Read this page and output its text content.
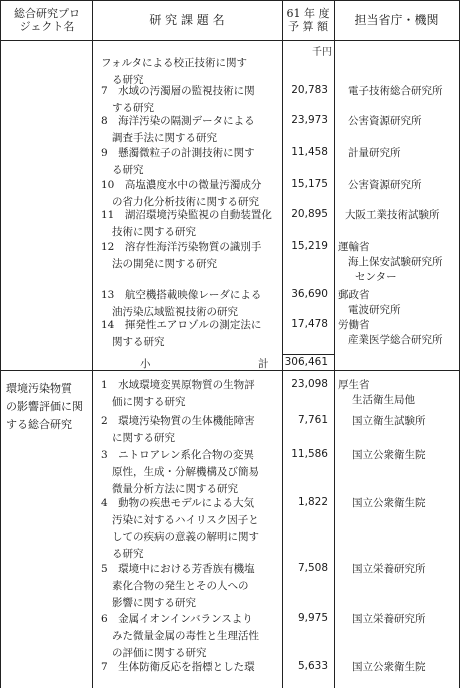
総合研究プロ
ジェクト名	研 究 課 題 名	61 年 度
予 算 額	担当省庁・機関
千円
フォルタによる校正技術に関す
る研究
7　水域の汚濁層の監視技術に関
する研究
20,783 電子技術総合研究所
8　海洋汚染の隔測データによる
調査手法に関する研究
23,973 公害資源研究所
9　懸濁微粒子の計測技術に関す
る研究
11,458 計量研究所
10　高塩濃度水中の微量汚濁成分
の省力化分析技術に関する研究
15,175 公害資源研究所
11　湖沼環境汚染監視の自動装置化
技術に関する研究
20,895 大阪工業技術試験所
12　溶存性海洋汚染物質の識別手
法の開発に関する研究
15,219 運輸省
海上保安試験研究所
センター
13　航空機搭載映像レーダによる
油汚染広域監視技術の研究
36,690 郵政省
電波研究所
14　揮発性エアロゾルの測定法に
関する研究
17,478 労働省
産業医学総合研究所
小	計 306,461
環境汚染物質
の影響評価に関
する総合研究
1　水域環境変異原物質の生物評
価に関する研究
23,098 厚生省
生活衛生局他
2　環境汚染物質の生体機能障害
に関する研究
7,761 国立衛生試験所
3　ニトロアレン系化合物の変異
原性，生成・分解機構及び簡易
微量分析方法に関する研究
11,586 国立公衆衛生院
4　動物の疾患モデルによる大気
汚染に対するハイリスク因子と
しての疾病の意義の解明に関す
る研究
1,822 国立公衆衛生院
5　環境中における芳香族有機塩
素化合物の発生とその人への
影響に関する研究
7,508 国立栄養研究所
6　金属イオンインバランスより
みた微量金属の毒性と生理活性
の評価に関する研究
9,975 国立栄養研究所
7　生体防衛反応を指標とした環	5,633 国立公衆衛生院
